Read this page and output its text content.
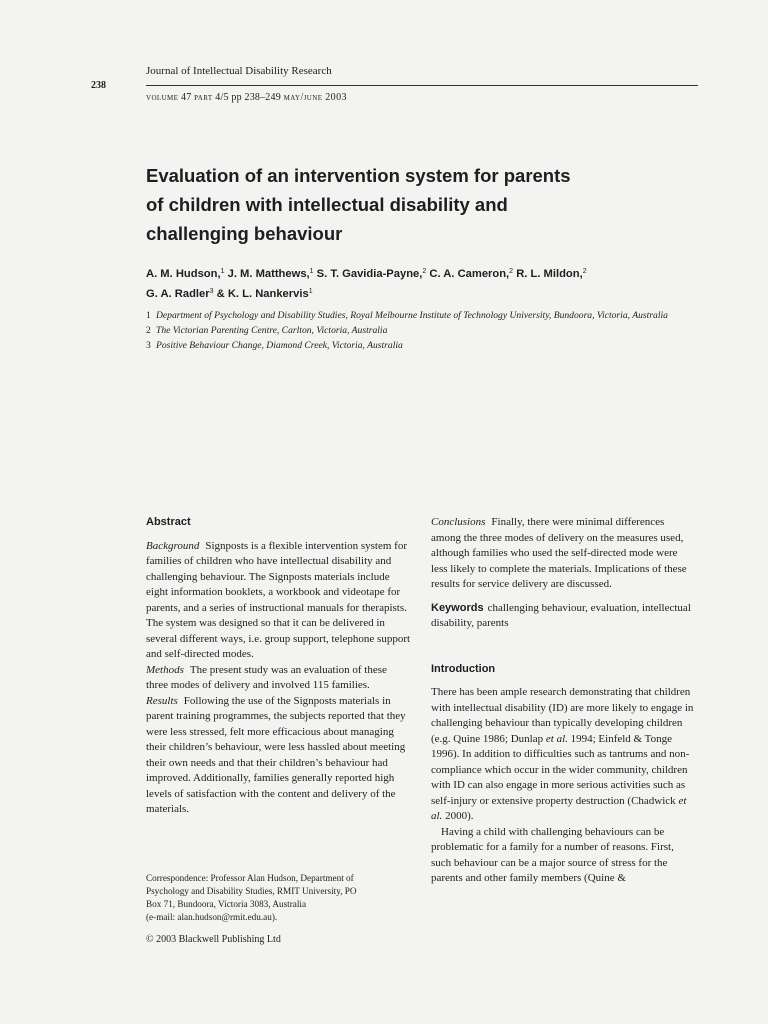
238
Journal of Intellectual Disability Research
volume 47 part 4/5 pp 238–249 may/june 2003
Evaluation of an intervention system for parents
of children with intellectual disability and
challenging behaviour
A. M. Hudson,$^1$ J. M. Matthews,$^1$ S. T. Gavidia-Payne,$^2$ C. A. Cameron,$^2$ R. L. Mildon,$^2$
G. A. Radler$^3$ & K. L. Nankervis$^1$
1 Department of Psychology and Disability Studies, Royal Melbourne Institute of Technology University, Bundoora, Victoria, Australia
2 The Victorian Parenting Centre, Carlton, Victoria, Australia
3 Positive Behaviour Change, Diamond Creek, Victoria, Australia
Abstract

Background Signposts is a flexible intervention system for families of children who have intellectual disability and challenging behaviour. The Signposts materials include eight information booklets, a workbook and videotape for parents, and a series of instructional manuals for therapists. The system was designed so that it can be delivered in several different ways, i.e. group support, telephone support and self-directed modes.

Methods The present study was an evaluation of these three modes of delivery and involved 115 families.

Results Following the use of the Signposts materials in parent training programmes, the subjects reported that they were less stressed, felt more efficacious about managing their children’s behaviour, were less hassled about meeting their own needs and that their children’s behaviour had improved. Additionally, families generally reported high levels of satisfaction with the content and delivery of the materials.

Conclusions Finally, there were minimal differences among the three modes of delivery on the measures used, although families who used the self-directed mode were less likely to complete the materials. Implications of these results for service delivery are discussed.

Keywords challenging behaviour, evaluation, intellectual disability, parents

Introduction

There has been ample research demonstrating that children with intellectual disability (ID) are more likely to engage in challenging behaviour than typically developing children (e.g. Quine 1986; Dunlap et al. 1994; Einfeld & Tonge 1996). In addition to difficulties such as tantrums and non-compliance which occur in the wider community, children with ID can also engage in more serious activities such as self-injury or extensive property destruction (Chadwick et al. 2000).

Having a child with challenging behaviours can be problematic for a family for a number of reasons. First, such behaviour can be a major source of stress for the parents and other family members (Quine &

Correspondence: Professor Alan Hudson, Department of
Psychology and Disability Studies, RMIT University, PO
Box 71, Bundoora, Victoria 3083, Australia
(e-mail: alan.hudson@rmit.edu.au).
© 2003 Blackwell Publishing Ltd
